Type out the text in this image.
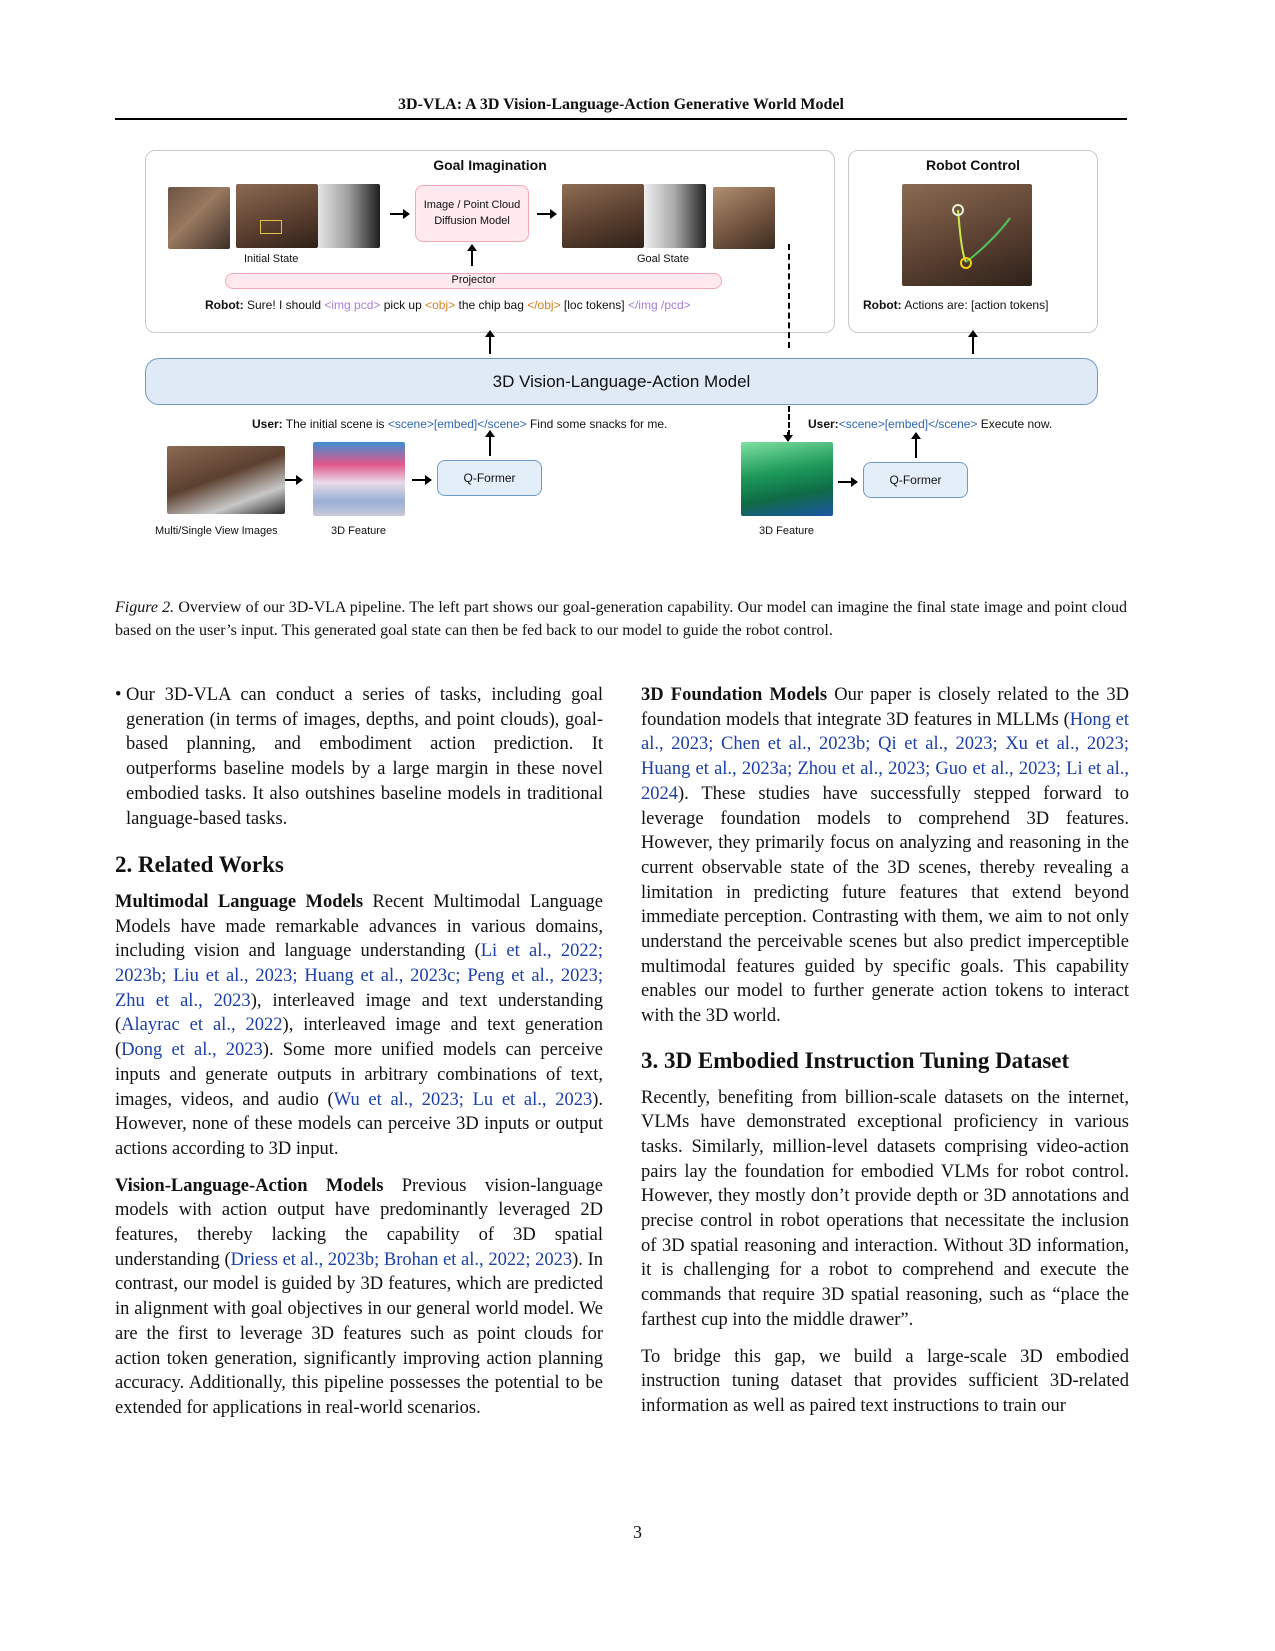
3D-VLA: A 3D Vision-Language-Action Generative World Model
Goal Imagination
Initial State
Image / Point Cloud Diffusion Model
Goal State
Projector
Robot: Sure! I should <img pcd> pick up <obj> the chip bag </obj> [loc tokens] </img /pcd>
Robot Control
Robot: Actions are: [action tokens]
3D Vision-Language-Action Model
User: The initial scene is <scene>[embed]</scene> Find some snacks for me.	User:<scene>[embed]</scene> Execute now.
Multi/Single View Images	3D Feature
Q-Former
3D Feature
Q-Former
Figure 2. Overview of our 3D-VLA pipeline. The left part shows our goal-generation capability. Our model can imagine the final state image and point cloud based on the user’s input. This generated goal state can then be fed back to our model to guide the robot control.
• Our 3D-VLA can conduct a series of tasks, including goal generation (in terms of images, depths, and point clouds), goal-based planning, and embodiment action prediction. It outperforms baseline models by a large margin in these novel embodied tasks. It also outshines baseline models in traditional language-based tasks.
2. Related Works

Multimodal Language Models Recent Multimodal Language Models have made remarkable advances in various domains, including vision and language understanding (Li et al., 2022; 2023b; Liu et al., 2023; Huang et al., 2023c; Peng et al., 2023; Zhu et al., 2023), interleaved image and text understanding (Alayrac et al., 2022), interleaved image and text generation (Dong et al., 2023). Some more unified models can perceive inputs and generate outputs in arbitrary combinations of text, images, videos, and audio (Wu et al., 2023; Lu et al., 2023). However, none of these models can perceive 3D inputs or output actions according to 3D input.

Vision-Language-Action Models Previous vision-language models with action output have predominantly leveraged 2D features, thereby lacking the capability of 3D spatial understanding (Driess et al., 2023b; Brohan et al., 2022; 2023). In contrast, our model is guided by 3D features, which are predicted in alignment with goal objectives in our general world model. We are the first to leverage 3D features such as point clouds for action token generation, significantly improving action planning accuracy. Additionally, this pipeline possesses the potential to be extended for applications in real-world scenarios.

3D Foundation Models Our paper is closely related to the 3D foundation models that integrate 3D features in MLLMs (Hong et al., 2023; Chen et al., 2023b; Qi et al., 2023; Xu et al., 2023; Huang et al., 2023a; Zhou et al., 2023; Guo et al., 2023; Li et al., 2024). These studies have successfully stepped forward to leverage foundation models to comprehend 3D features. However, they primarily focus on analyzing and reasoning in the current observable state of the 3D scenes, thereby revealing a limitation in predicting future features that extend beyond immediate perception. Contrasting with them, we aim to not only understand the perceivable scenes but also predict imperceptible multimodal features guided by specific goals. This capability enables our model to further generate action tokens to interact with the 3D world.

3. 3D Embodied Instruction Tuning Dataset

Recently, benefiting from billion-scale datasets on the internet, VLMs have demonstrated exceptional proficiency in various tasks. Similarly, million-level datasets comprising video-action pairs lay the foundation for embodied VLMs for robot control. However, they mostly don’t provide depth or 3D annotations and precise control in robot operations that necessitate the inclusion of 3D spatial reasoning and interaction. Without 3D information, it is challenging for a robot to comprehend and execute the commands that require 3D spatial reasoning, such as “place the farthest cup into the middle drawer”.

To bridge this gap, we build a large-scale 3D embodied instruction tuning dataset that provides sufficient 3D-related information as well as paired text instructions to train our

3
